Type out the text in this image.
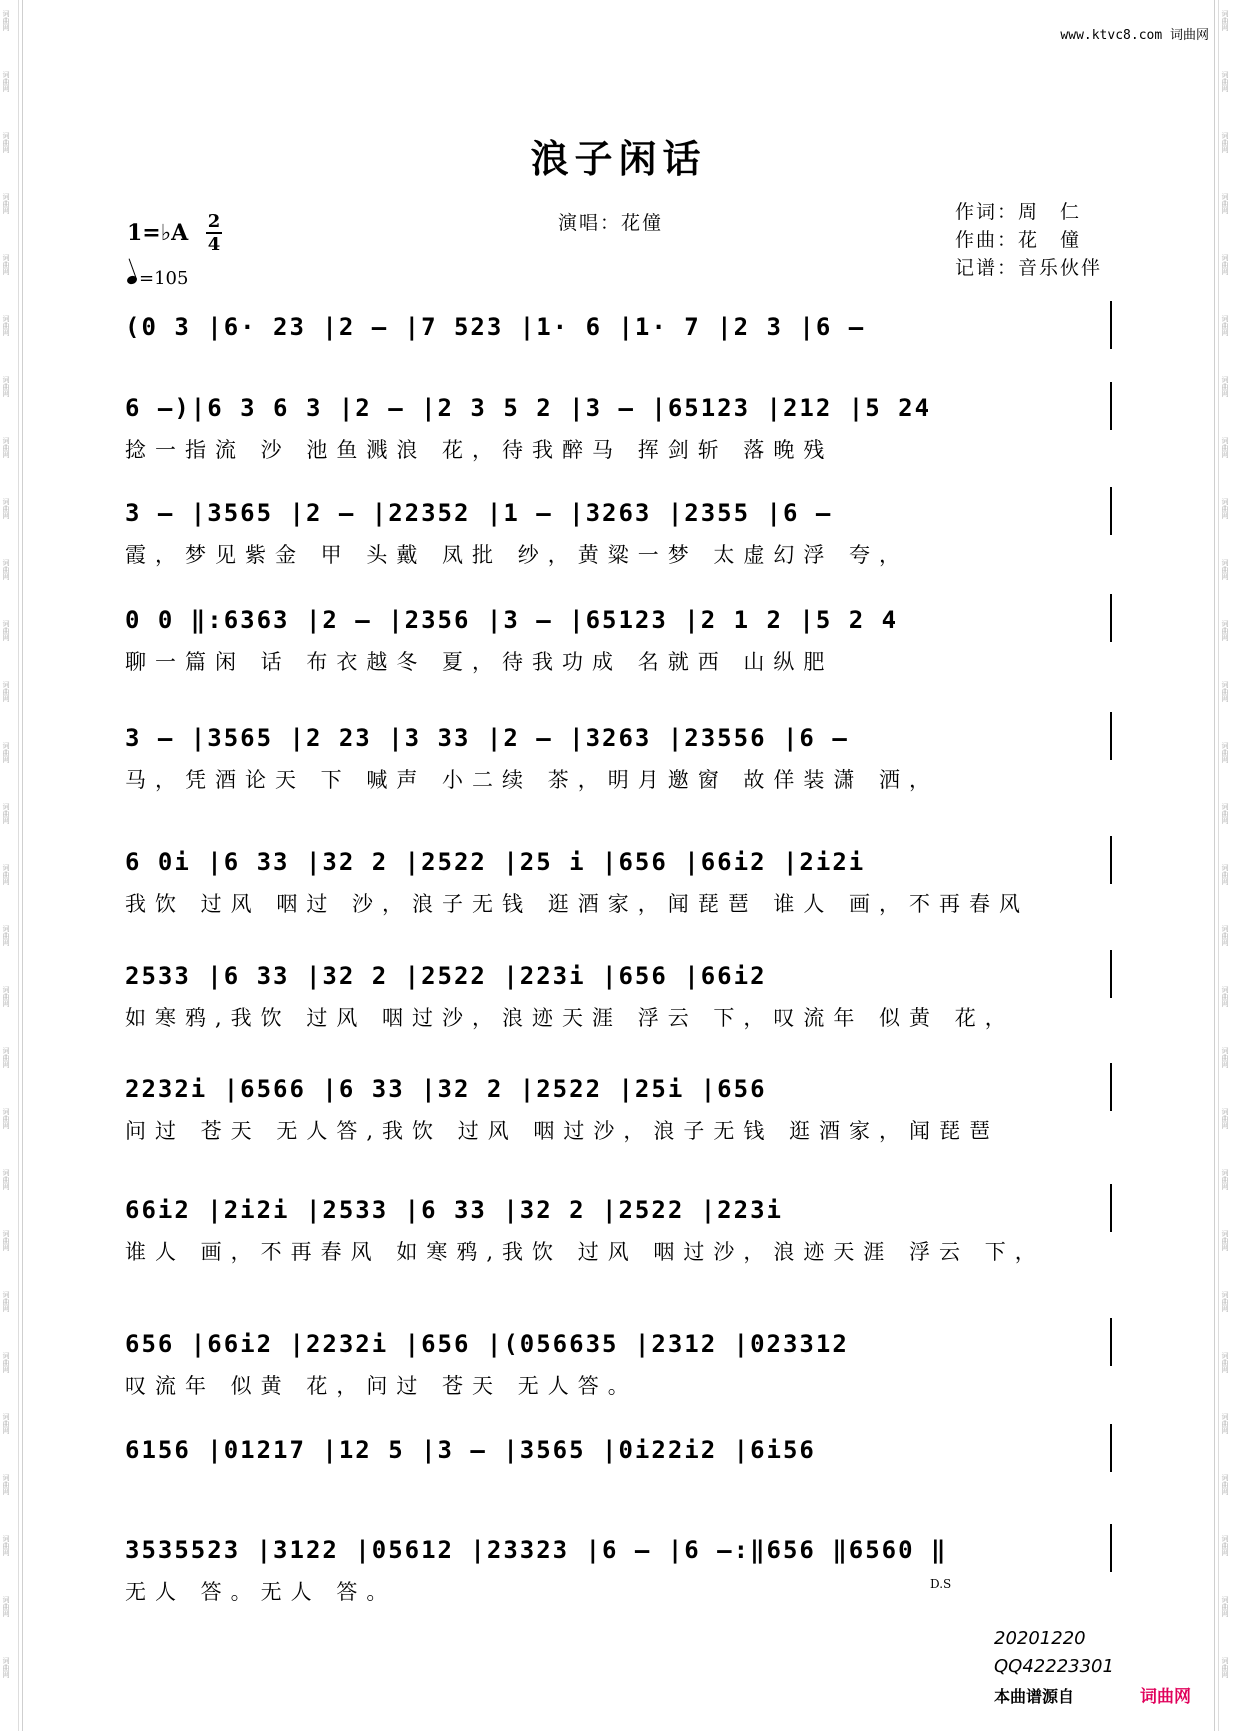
词曲网
词曲网
词曲网
词曲网
词曲网
词曲网
词曲网
词曲网
词曲网
词曲网
词曲网
词曲网
词曲网
词曲网
词曲网
词曲网
词曲网
词曲网
词曲网
词曲网
词曲网
词曲网
词曲网
词曲网
词曲网
词曲网
词曲网
词曲网
词曲网
词曲网
词曲网
词曲网
词曲网
词曲网
词曲网
词曲网
词曲网
词曲网
词曲网
词曲网
词曲网
词曲网
词曲网
词曲网
词曲网
词曲网
词曲网
词曲网
词曲网
词曲网
词曲网
词曲网
词曲网
词曲网
词曲网
词曲网
www.ktvc8.com 词曲网
浪子闲话
1=♭A 2
4
=105
演唱：花僮	作词：周　仁
作曲：花　僮
记谱：音乐伙伴
(0 3 |6· 23 |2 – |7 523 |1· 6 |1· 7 |2 3 |6 –
6 –)|6 3 6 3 |2 – |2 3 5 2 |3 – |65123 |212 |5 24
捻一指流 沙 池鱼溅浪 花，待我醉马 挥剑斩 落晚残
3 – |3565 |2 – |22352 |1 – |3263 |2355 |6 –
霞，梦见紫金 甲 头戴 凤批 纱，黄粱一梦 太虚幻浮 夸，
0 0 ‖:6363 |2 – |2356 |3 – |65123 |2 1 2 |5 2 4
聊一篇闲 话 布衣越冬 夏，待我功成 名就西 山纵肥
3 – |3565 |2 23 |3 33 |2 – |3263 |23556 |6 –
马，凭酒论天 下 喊声 小二续 茶，明月邀窗 故佯装潇 洒，
6 0i |6 33 |32 2 |2522 |25 i |656 |66i2 |2i2i
我饮 过风 咽过 沙，浪子无钱 逛酒家，闻琵琶 谁人 画，不再春风
2533 |6 33 |32 2 |2522 |223i |656 |66i2
如寒鸦,我饮 过风 咽过沙，浪迹天涯 浮云 下，叹流年 似黄 花，
2232i |6566 |6 33 |32 2 |2522 |25i |656
问过 苍天 无人答,我饮 过风 咽过沙，浪子无钱 逛酒家，闻琵琶
66i2 |2i2i |2533 |6 33 |32 2 |2522 |223i
谁人 画，不再春风 如寒鸦,我饮 过风 咽过沙，浪迹天涯 浮云 下，
656 |66i2 |2232i |656 |(056635 |2312 |023312
叹流年 似黄 花，问过 苍天 无人答。
6156 |01217 |12 5 |3 – |3565 |0i22i2 |6i56
3535523 |3122 |05612 |23323 |6 – |6 –:‖656 ‖6560 ‖
无人 答。无人 答。	D.S
20201220
QQ42223301
本曲谱源自	词曲网
